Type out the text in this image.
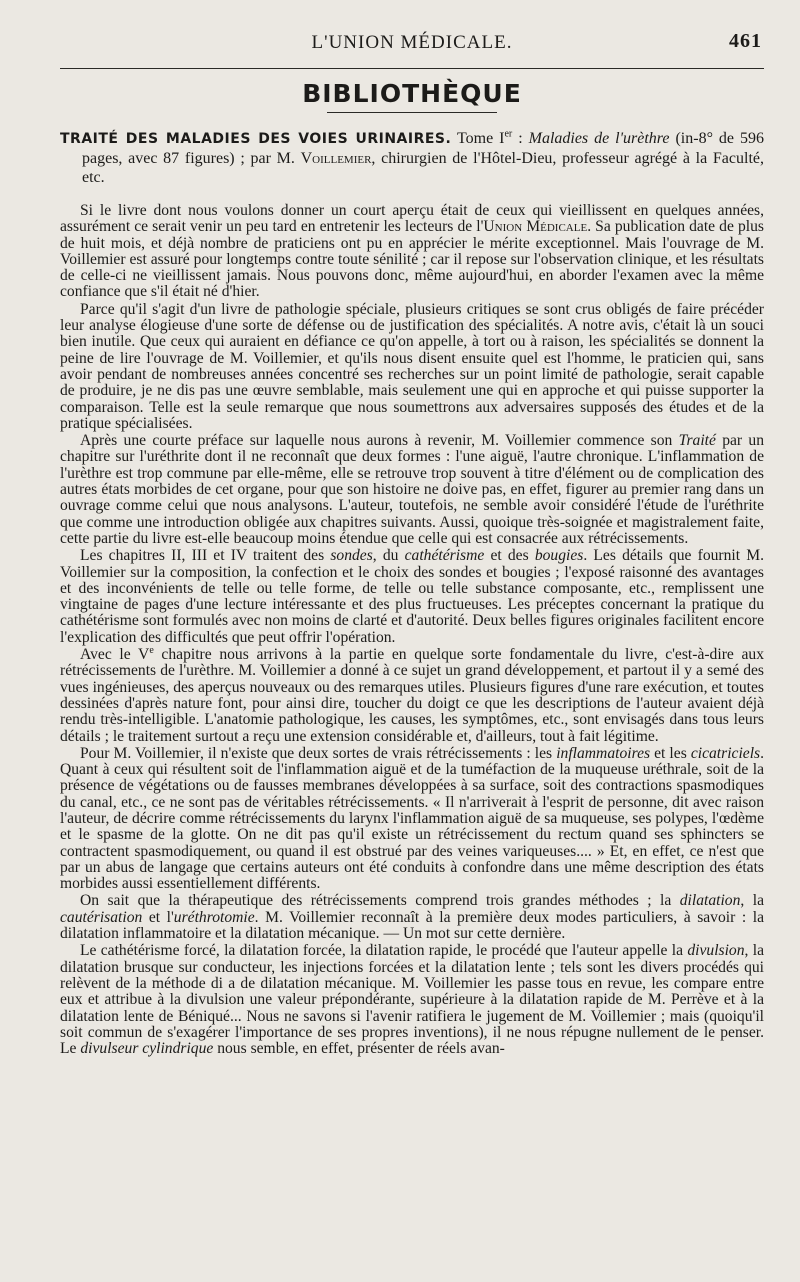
L'UNION MÉDICALE.	461
BIBLIOTHÈQUE

TRAITÉ DES MALADIES DES VOIES URINAIRES. Tome Ier : Maladies de l'urèthre (in-8° de 596 pages, avec 87 figures) ; par M. Voillemier, chirurgien de l'Hôtel-Dieu, professeur agrégé à la Faculté, etc.

Si le livre dont nous voulons donner un court aperçu était de ceux qui vieillissent en quelques années, assurément ce serait venir un peu tard en entretenir les lecteurs de l'Union Médicale. Sa publication date de plus de huit mois, et déjà nombre de praticiens ont pu en apprécier le mérite exceptionnel. Mais l'ouvrage de M. Voillemier est assuré pour longtemps contre toute sénilité ; car il repose sur l'observation clinique, et les résultats de celle-ci ne vieillissent jamais. Nous pouvons donc, même aujourd'hui, en aborder l'examen avec la même confiance que s'il était né d'hier.

Parce qu'il s'agit d'un livre de pathologie spéciale, plusieurs critiques se sont crus obligés de faire précéder leur analyse élogieuse d'une sorte de défense ou de justification des spécialités. A notre avis, c'était là un souci bien inutile. Que ceux qui auraient en défiance ce qu'on appelle, à tort ou à raison, les spécialités se donnent la peine de lire l'ouvrage de M. Voillemier, et qu'ils nous disent ensuite quel est l'homme, le praticien qui, sans avoir pendant de nombreuses années concentré ses recherches sur un point limité de pathologie, serait capable de produire, je ne dis pas une œuvre semblable, mais seulement une qui en approche et qui puisse supporter la comparaison. Telle est la seule remarque que nous soumettrons aux adversaires supposés des études et de la pratique spécialisées.

Après une courte préface sur laquelle nous aurons à revenir, M. Voillemier commence son Traité par un chapitre sur l'uréthrite dont il ne reconnaît que deux formes : l'une aiguë, l'autre chronique. L'inflammation de l'urèthre est trop commune par elle-même, elle se retrouve trop souvent à titre d'élément ou de complication des autres états morbides de cet organe, pour que son histoire ne doive pas, en effet, figurer au premier rang dans un ouvrage comme celui que nous analysons. L'auteur, toutefois, ne semble avoir considéré l'étude de l'uréthrite que comme une introduction obligée aux chapitres suivants. Aussi, quoique très-soignée et magistralement faite, cette partie du livre est-elle beaucoup moins étendue que celle qui est consacrée aux rétrécissements.

Les chapitres II, III et IV traitent des sondes, du cathétérisme et des bougies. Les détails que fournit M. Voillemier sur la composition, la confection et le choix des sondes et bougies ; l'exposé raisonné des avantages et des inconvénients de telle ou telle forme, de telle ou telle substance composante, etc., remplissent une vingtaine de pages d'une lecture intéressante et des plus fructueuses. Les préceptes concernant la pratique du cathétérisme sont formulés avec non moins de clarté et d'autorité. Deux belles figures originales facilitent encore l'explication des difficultés que peut offrir l'opération.

Avec le Ve chapitre nous arrivons à la partie en quelque sorte fondamentale du livre, c'est-à-dire aux rétrécissements de l'urèthre. M. Voillemier a donné à ce sujet un grand développement, et partout il y a semé des vues ingénieuses, des aperçus nouveaux ou des remarques utiles. Plusieurs figures d'une rare exécution, et toutes dessinées d'après nature font, pour ainsi dire, toucher du doigt ce que les descriptions de l'auteur avaient déjà rendu très-intelligible. L'anatomie pathologique, les causes, les symptômes, etc., sont envisagés dans tous leurs détails ; le traitement surtout a reçu une extension considérable et, d'ailleurs, tout à fait légitime.

Pour M. Voillemier, il n'existe que deux sortes de vrais rétrécissements : les inflammatoires et les cicatriciels. Quant à ceux qui résultent soit de l'inflammation aiguë et de la tuméfaction de la muqueuse uréthrale, soit de la présence de végétations ou de fausses membranes développées à sa surface, soit des contractions spasmodiques du canal, etc., ce ne sont pas de véritables rétrécissements. « Il n'arriverait à l'esprit de personne, dit avec raison l'auteur, de décrire comme rétrécissements du larynx l'inflammation aiguë de sa muqueuse, ses polypes, l'œdème et le spasme de la glotte. On ne dit pas qu'il existe un rétrécissement du rectum quand ses sphincters se contractent spasmodiquement, ou quand il est obstrué par des veines variqueuses.... » Et, en effet, ce n'est que par un abus de langage que certains auteurs ont été conduits à confondre dans une même description des états morbides aussi essentiellement différents.

On sait que la thérapeutique des rétrécissements comprend trois grandes méthodes ; la dilatation, la cautérisation et l'uréthrotomie. M. Voillemier reconnaît à la première deux modes particuliers, à savoir : la dilatation inflammatoire et la dilatation mécanique. — Un mot sur cette dernière.

Le cathétérisme forcé, la dilatation forcée, la dilatation rapide, le procédé que l'auteur appelle la divulsion, la dilatation brusque sur conducteur, les injections forcées et la dilatation lente ; tels sont les divers procédés qui relèvent de la méthode di a de dilatation mécanique. M. Voillemier les passe tous en revue, les compare entre eux et attribue à la divulsion une valeur prépondérante, supérieure à la dilatation rapide de M. Perrève et à la dilatation lente de Béniqué... Nous ne savons si l'avenir ratifiera le jugement de M. Voillemier ; mais (quoiqu'il soit commun de s'exagérer l'importance de ses propres inventions), il ne nous répugne nullement de le penser. Le divulseur cylindrique nous semble, en effet, présenter de réels avan-
